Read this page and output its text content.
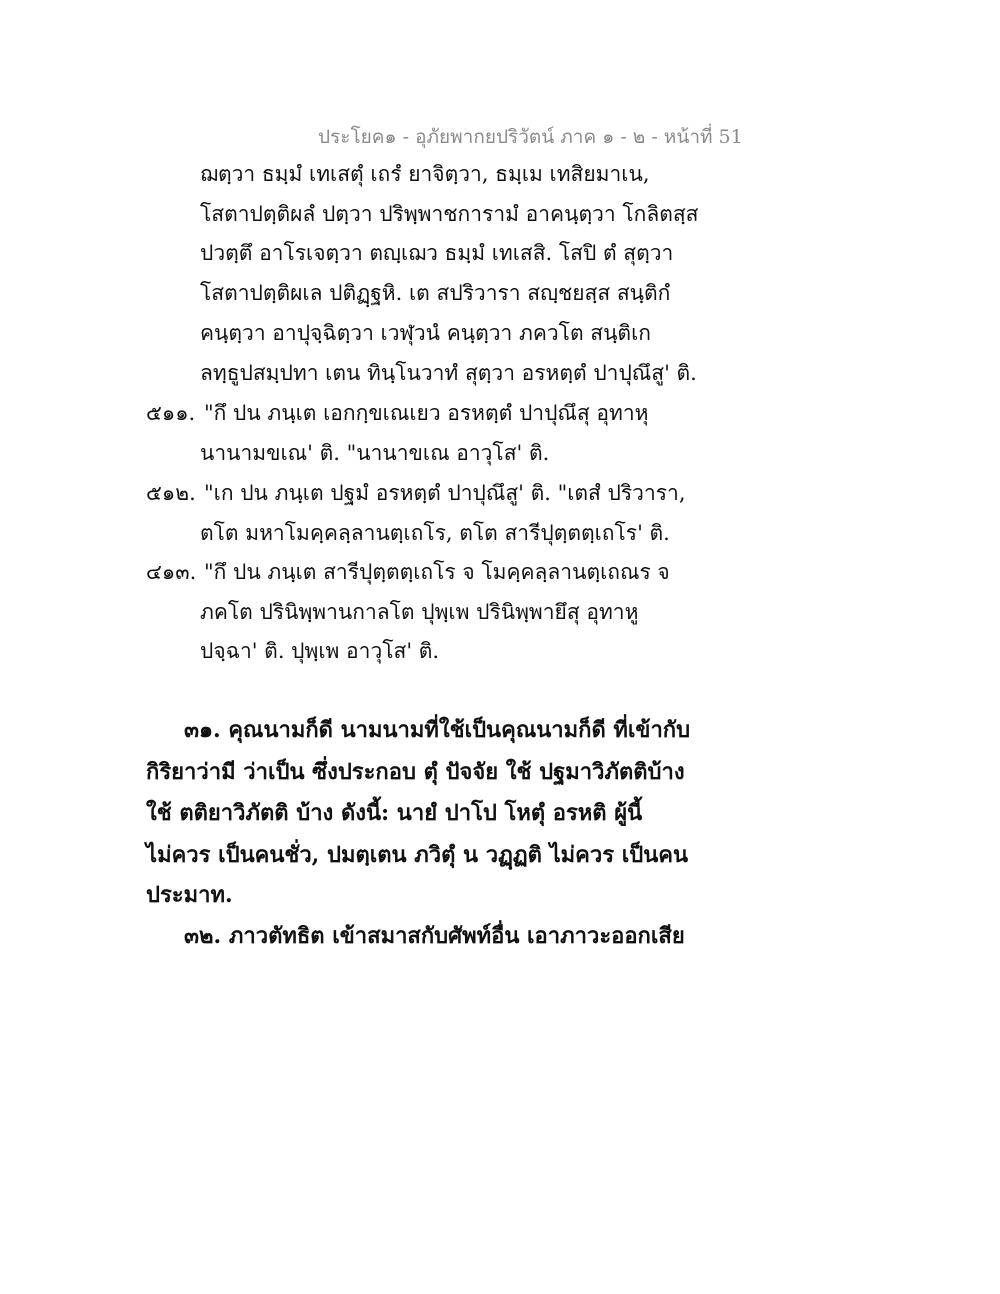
ประโยค๑ - อุภัยพากยปริวัตน์ ภาค ๑ - ๒ - หน้าที่ 51
ฌตฺวา ธมฺมํ เทเสตุํ เถรํ ยาจิตฺวา, ธมฺเม เทสิยมาเน,
โสตาปตฺติผลํ ปตฺวา ปริพฺพาชการามํ อาคนฺตฺวา โกลิตสฺส
ปวตฺตึ อาโรเจตฺวา ตญฺเฌว ธมฺมํ เทเสสิ. โสปิ ตํ สุตฺวา
โสตาปตฺติผเล ปติฏฺฐหิ. เต สปริวารา สญฺชยสฺส สนฺติกํ
คนฺตฺวา อาปุจฺฉิตฺวา เวฬุวนํ คนฺตฺวา ภควโต สนฺติเก
ลทฺธูปสมฺปทา เตน ทินฺโนวาทํ สุตฺวา อรหตฺตํ ปาปุณึสู' ติ.
๕๑๑. "กึ ปน ภนฺเต เอกกฺขเณเยว อรหตฺตํ ปาปุณึสุ อุทาหุ
นานามขเณ' ติ. "นานาขเณ อาวุโส' ติ.
๕๑๒. "เก ปน ภนฺเต ปฐมํ อรหตฺตํ ปาปุณึสู' ติ. "เตสํ ปริวารา,
ตโต มหาโมคฺคลฺลานตฺเถโร, ตโต สารีปุตฺตตฺเถโร' ติ.
๔๑๓. "กึ ปน ภนฺเต สารีปุตฺตตฺเถโร จ โมคฺคลฺลานตฺเถณร จ
ภคโต ปรินิพฺพานกาลโต ปุพฺเพ ปรินิพฺพายึสุ อุทาหู
ปจฺฉา' ติ. ปุพฺเพ อาวุโส' ติ.
๓๑. คุณนามก็ดี นามนามที่ใช้เป็นคุณนามก็ดี ที่เข้ากับ
กิริยาว่ามี ว่าเป็น ซึ่งประกอบ ตุํ ปัจจัย ใช้ ปฐมาวิภัตติบ้าง
ใช้ ตติยาวิภัตติ บ้าง ดังนี้: นายํ ปาโป โหตุํ อรหติ ผู้นี้
ไม่ควร เป็นคนชั่ว, ปมตฺเตน ภวิตุํ น วฏฺฏติ ไม่ควร เป็นคน
ประมาท.
๓๒. ภาวตัทธิต เข้าสมาสกับศัพท์อื่น เอาภาวะออกเสีย
